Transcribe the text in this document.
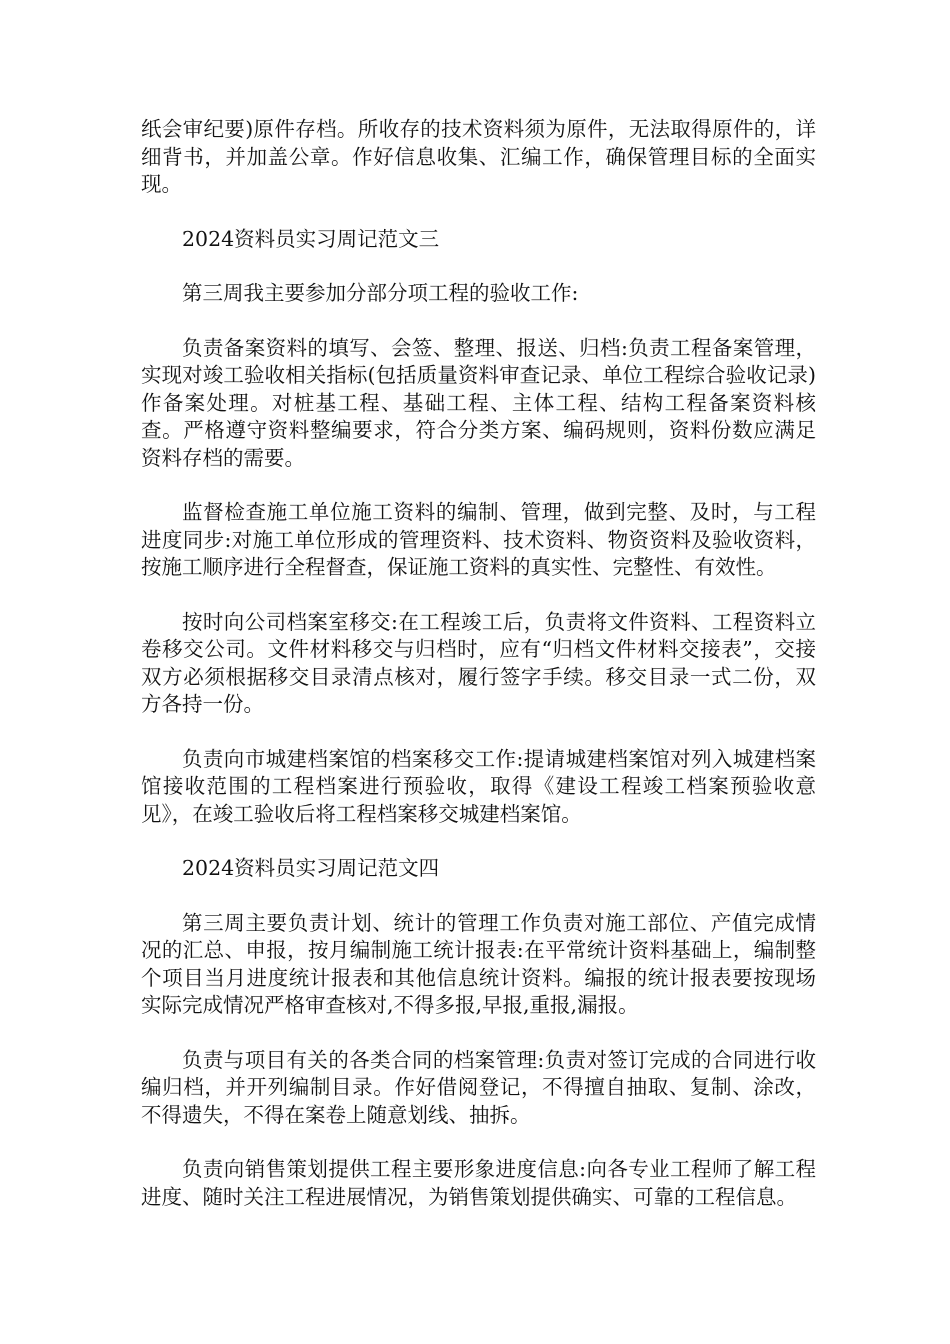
纸会审纪要)原件存档。所收存的技术资料须为原件，无法取得原件的，详细背书，并加盖公章。作好信息收集、汇编工作，确保管理目标的全面实现。

2024资料员实习周记范文三

第三周我主要参加分部分项工程的验收工作:

负责备案资料的填写、会签、整理、报送、归档:负责工程备案管理，实现对竣工验收相关指标(包括质量资料审查记录、单位工程综合验收记录)作备案处理。对桩基工程、基础工程、主体工程、结构工程备案资料核查。严格遵守资料整编要求，符合分类方案、编码规则，资料份数应满足资料存档的需要。

监督检查施工单位施工资料的编制、管理，做到完整、及时，与工程进度同步:对施工单位形成的管理资料、技术资料、物资资料及验收资料，按施工顺序进行全程督查，保证施工资料的真实性、完整性、有效性。

按时向公司档案室移交:在工程竣工后，负责将文件资料、工程资料立卷移交公司。文件材料移交与归档时，应有“归档文件材料交接表”，交接双方必须根据移交目录清点核对，履行签字手续。移交目录一式二份，双方各持一份。

负责向市城建档案馆的档案移交工作:提请城建档案馆对列入城建档案馆接收范围的工程档案进行预验收，取得《建设工程竣工档案预验收意见》，在竣工验收后将工程档案移交城建档案馆。

2024资料员实习周记范文四

第三周主要负责计划、统计的管理工作负责对施工部位、产值完成情况的汇总、申报，按月编制施工统计报表:在平常统计资料基础上，编制整个项目当月进度统计报表和其他信息统计资料。编报的统计报表要按现场实际完成情况严格审查核对,不得多报,早报,重报,漏报。

负责与项目有关的各类合同的档案管理:负责对签订完成的合同进行收编归档，并开列编制目录。作好借阅登记，不得擅自抽取、复制、涂改，不得遗失，不得在案卷上随意划线、抽拆。

负责向销售策划提供工程主要形象进度信息:向各专业工程师了解工程进度、随时关注工程进展情况，为销售策划提供确实、可靠的工程信息。
